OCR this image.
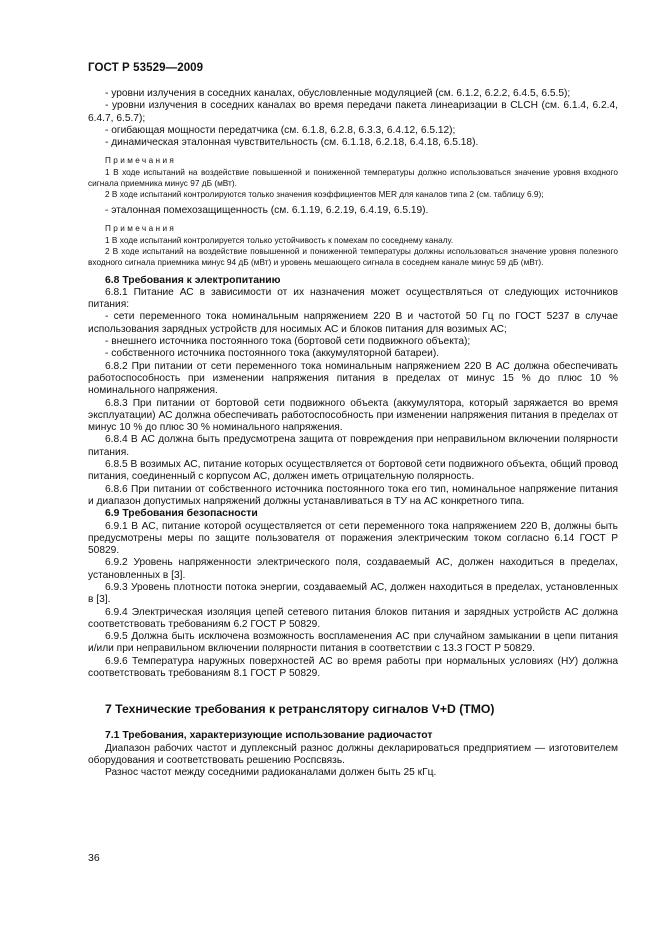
ГОСТ Р 53529—2009
- уровни излучения в соседних каналах, обусловленные модуляцией (см. 6.1.2, 6.2.2, 6.4.5, 6.5.5);
- уровни излучения в соседних каналах во время передачи пакета линеаризации в CLCH (см. 6.1.4, 6.2.4, 6.4.7, 6.5.7);
- огибающая мощности передатчика (см. 6.1.8, 6.2.8, 6.3.3, 6.4.12, 6.5.12);
- динамическая эталонная чувствительность (см. 6.1.18, 6.2.18, 6.4.18, 6.5.18).
Примечания
1 В ходе испытаний на воздействие повышенной и пониженной температуры должно использоваться значение уровня входного сигнала приемника минус 97 дБ (мВт).
2 В ходе испытаний контролируются только значения коэффициентов MER для каналов типа 2 (см. таблицу 6.9);
- эталонная помехозащищенность (см. 6.1.19, 6.2.19, 6.4.19, 6.5.19).
Примечания
1 В ходе испытаний контролируется только устойчивость к помехам по соседнему каналу.
2 В ходе испытаний на воздействие повышенной и пониженной температуры должны использоваться значение уровня полезного входного сигнала приемника минус 94 дБ (мВт) и уровень мешающего сигнала в соседнем канале минус 59 дБ (мВт).
6.8 Требования к электропитанию
6.8.1 Питание АС в зависимости от их назначения может осуществляться от следующих источников питания:
- сети переменного тока номинальным напряжением 220 В и частотой 50 Гц по ГОСТ 5237 в случае использования зарядных устройств для носимых АС и блоков питания для возимых АС;
- внешнего источника постоянного тока (бортовой сети подвижного объекта);
- собственного источника постоянного тока (аккумуляторной батареи).
6.8.2 При питании от сети переменного тока номинальным напряжением 220 В АС должна обеспечивать работоспособность при изменении напряжения питания в пределах от минус 15 % до плюс 10 % номинального напряжения.
6.8.3 При питании от бортовой сети подвижного объекта (аккумулятора, который заряжается во время эксплуатации) АС должна обеспечивать работоспособность при изменении напряжения питания в пределах от минус 10 % до плюс 30 % номинального напряжения.
6.8.4 В АС должна быть предусмотрена защита от повреждения при неправильном включении полярности питания.
6.8.5 В возимых АС, питание которых осуществляется от бортовой сети подвижного объекта, общий провод питания, соединенный с корпусом АС, должен иметь отрицательную полярность.
6.8.6 При питании от собственного источника постоянного тока его тип, номинальное напряжение питания и диапазон допустимых напряжений должны устанавливаться в ТУ на АС конкретного типа.
6.9 Требования безопасности
6.9.1 В АС, питание которой осуществляется от сети переменного тока напряжением 220 В, должны быть предусмотрены меры по защите пользователя от поражения электрическим током согласно 6.14 ГОСТ Р 50829.
6.9.2 Уровень напряженности электрического поля, создаваемый АС, должен находиться в пределах, установленных в [3].
6.9.3 Уровень плотности потока энергии, создаваемый АС, должен находиться в пределах, установленных в [3].
6.9.4 Электрическая изоляция цепей сетевого питания блоков питания и зарядных устройств АС должна соответствовать требованиям 6.2 ГОСТ Р 50829.
6.9.5 Должна быть исключена возможность воспламенения АС при случайном замыкании в цепи питания и/или при неправильном включении полярности питания в соответствии с 13.3 ГОСТ Р 50829.
6.9.6 Температура наружных поверхностей АС во время работы при нормальных условиях (НУ) должна соответствовать требованиям 8.1 ГОСТ Р 50829.
7 Технические требования к ретранслятору сигналов V+D (ТМО)
7.1 Требования, характеризующие использование радиочастот
Диапазон рабочих частот и дуплексный разнос должны декларироваться предприятием — изготовителем оборудования и соответствовать решению Роспсвязь.
Разнос частот между соседними радиоканалами должен быть 25 кГц.
36
